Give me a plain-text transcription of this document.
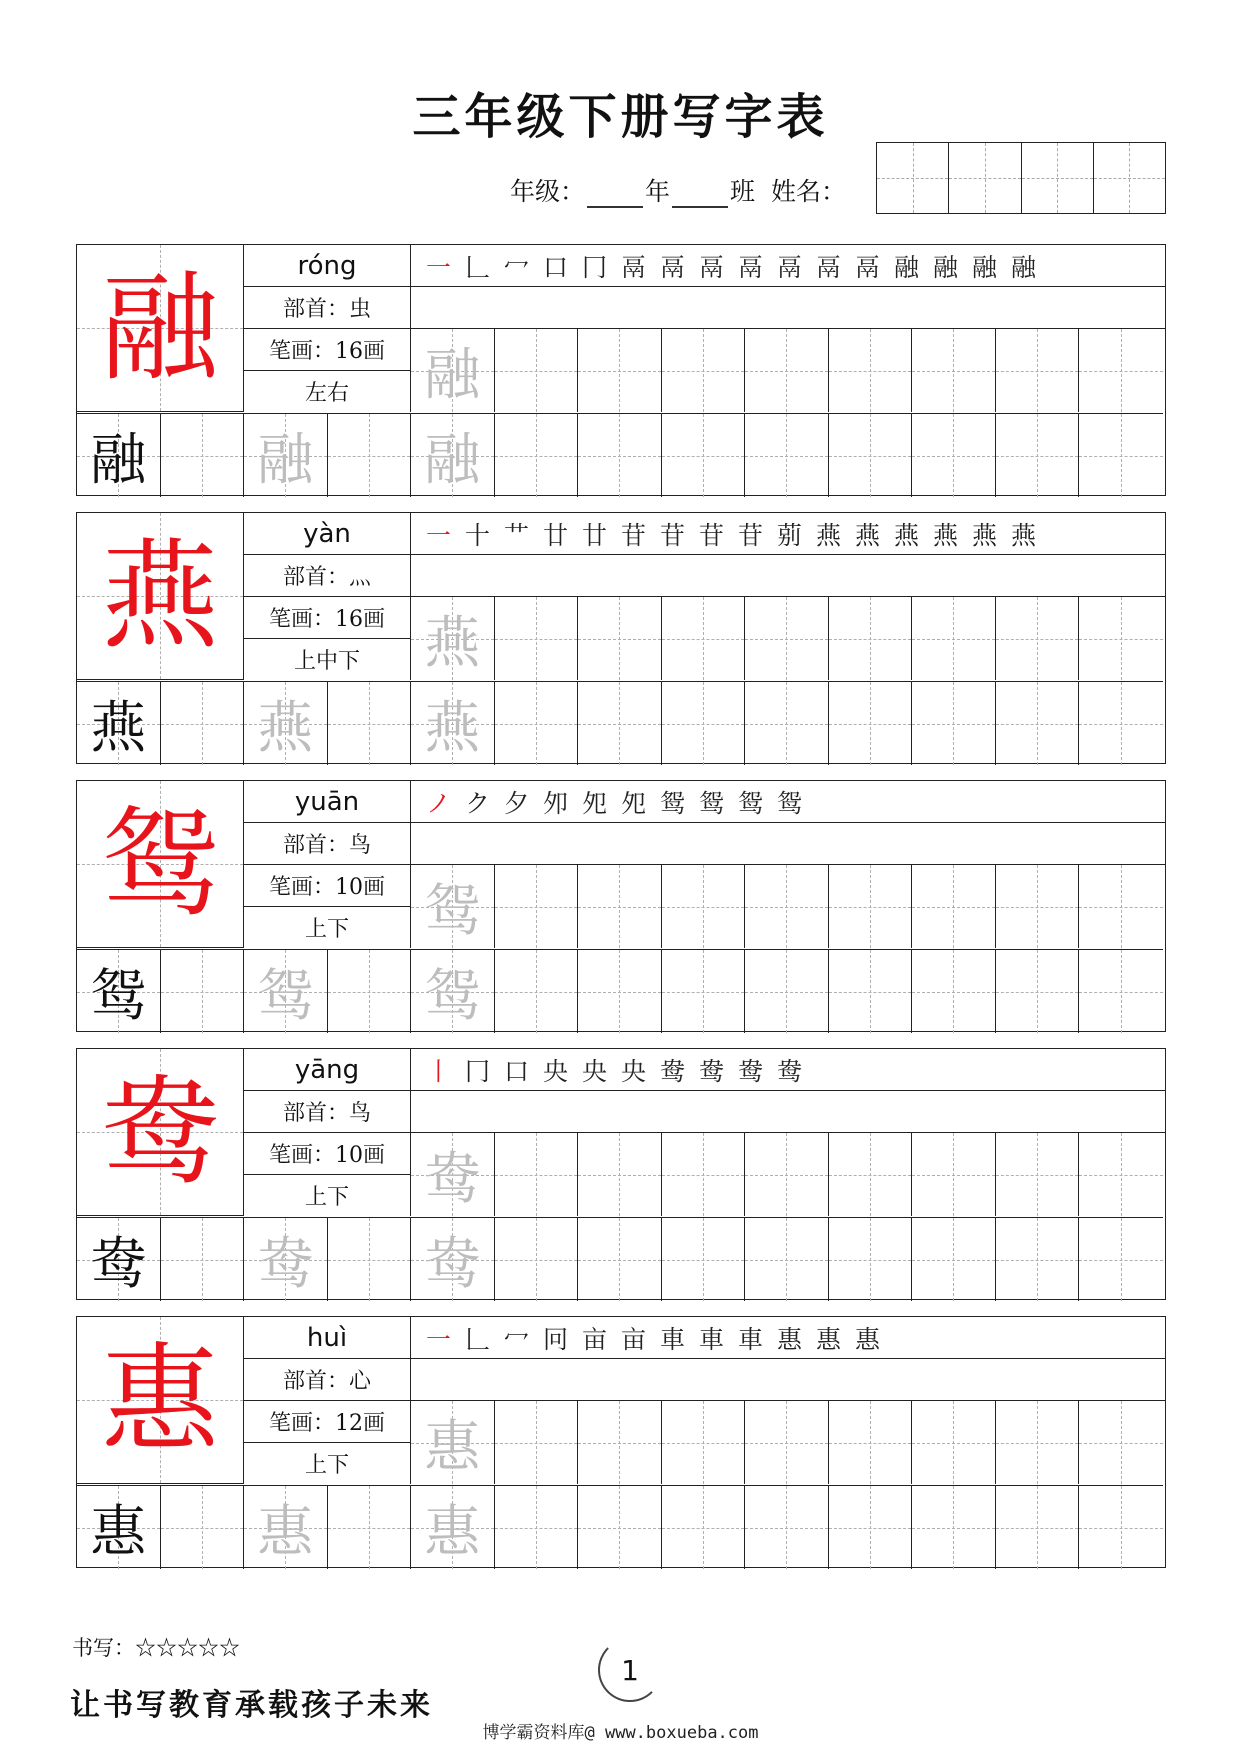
三年级下册写字表
年级： 年 班 姓名：
融	róng
部首：虫
笔画：16画
左右
一 𠃊 冖 口 冂 鬲 鬲 鬲 鬲 鬲 鬲 鬲 融 融 融 融
融
融 融 融
燕	yàn
部首：灬
笔画：16画
上中下
一 十 艹 廿 廿 苷 苷 苷 苷 莂 燕 燕 燕 燕 燕 燕
燕
燕 燕 燕
鸳	yuān
部首：鸟
笔画：10画
上下
ノ ク 夕 夘 夗 夗 鸳 鸳 鸳 鸳
鸳
鸳 鸳 鸳
鸯	yāng
部首：鸟
笔画：10画
上下
丨 冂 口 央 央 央 鸯 鸯 鸯 鸯
鸯
鸯 鸯 鸯
惠	huì
部首：心
笔画：12画
上下
一 𠃊 冖 冋 亩 亩 車 車 車 惠 惠 惠
惠
惠 惠 惠
书写：☆☆☆☆☆
让书写教育承载孩子未来
1
博学霸资料库@ www.boxueba.com
